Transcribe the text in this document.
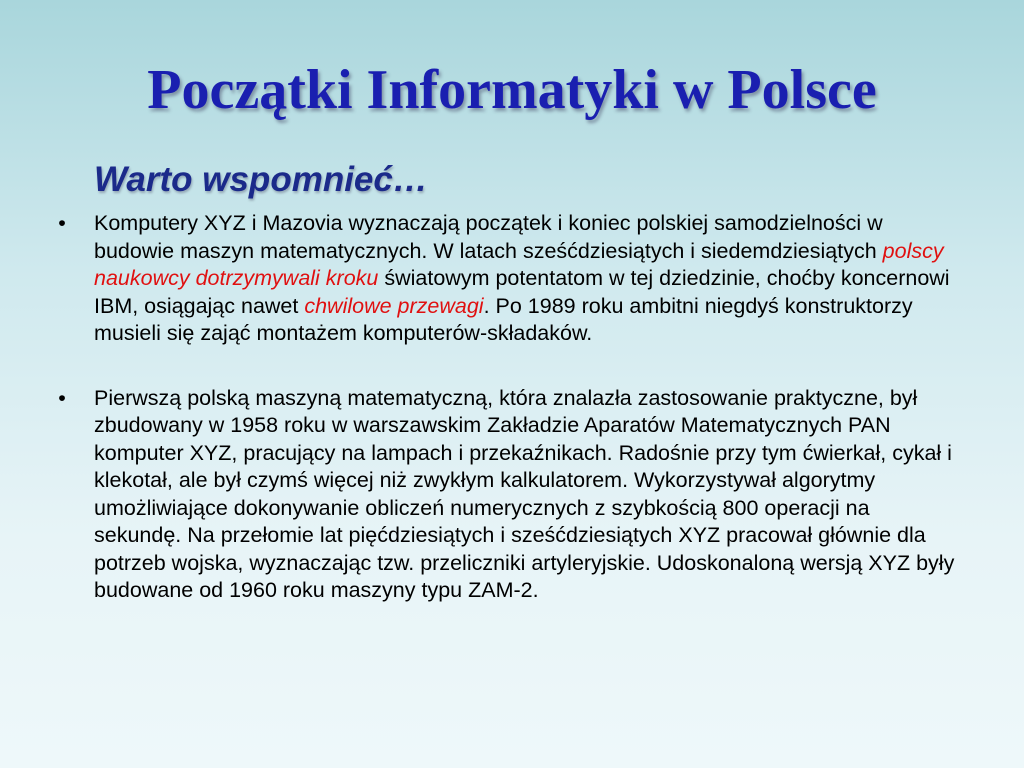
Początki Informatyki w Polsce
Warto wspomnieć…
• Komputery XYZ i Mazovia wyznaczają początek i koniec polskiej samodzielności w budowie maszyn matematycznych. W latach sześćdziesiątych i siedemdziesiątych polscy naukowcy dotrzymywali kroku światowym potentatom w tej dziedzinie, choćby koncernowi IBM, osiągając nawet chwilowe przewagi. Po 1989 roku ambitni niegdyś konstruktorzy musieli się zająć montażem komputerów-składaków.
• Pierwszą polską maszyną matematyczną, która znalazła zastosowanie praktyczne, był zbudowany w 1958 roku w warszawskim Zakładzie Aparatów Matematycznych PAN komputer XYZ, pracujący na lampach i przekaźnikach. Radośnie przy tym ćwierkał, cykał i klekotał, ale był czymś więcej niż zwykłym kalkulatorem. Wykorzystywał algorytmy umożliwiające dokonywanie obliczeń numerycznych z szybkością 800 operacji na sekundę. Na przełomie lat pięćdziesiątych i sześćdziesiątych XYZ pracował głównie dla potrzeb wojska, wyznaczając tzw. przeliczniki artyleryjskie. Udoskonaloną wersją XYZ były budowane od 1960 roku maszyny typu ZAM-2.
